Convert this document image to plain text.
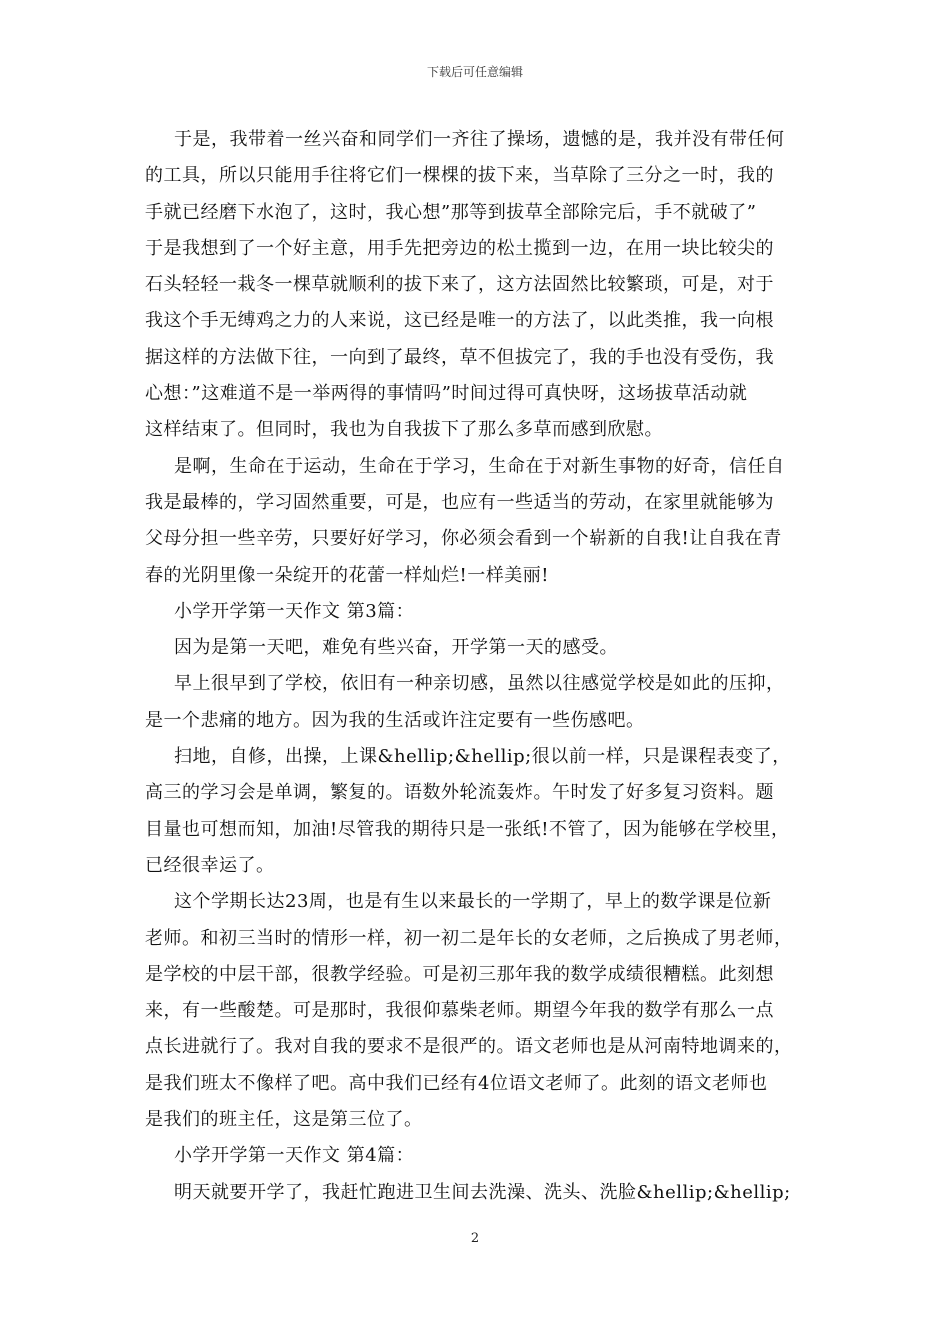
下载后可任意编辑
于是，我带着一丝兴奋和同学们一齐往了操场，遗憾的是，我并没有带任何
的工具，所以只能用手往将它们一棵棵的拔下来，当草除了三分之一时，我的
手就已经磨下水泡了，这时，我心想”那等到拔草全部除完后，手不就破了”
于是我想到了一个好主意，用手先把旁边的松土揽到一边，在用一块比较尖的
石头轻轻一栽冬一棵草就顺利的拔下来了，这方法固然比较繁琐，可是，对于
我这个手无缚鸡之力的人来说，这已经是唯一的方法了，以此类推，我一向根
据这样的方法做下往，一向到了最终，草不但拔完了，我的手也没有受伤，我
心想：”这难道不是一举两得的事情吗”时间过得可真快呀，这场拔草活动就
这样结束了。但同时，我也为自我拔下了那么多草而感到欣慰。
是啊，生命在于运动，生命在于学习，生命在于对新生事物的好奇，信任自
我是最棒的，学习固然重要，可是，也应有一些适当的劳动，在家里就能够为
父母分担一些辛劳，只要好好学习，你必须会看到一个崭新的自我!让自我在青
春的光阴里像一朵绽开的花蕾一样灿烂!一样美丽!
小学开学第一天作文 第3篇：
因为是第一天吧，难免有些兴奋，开学第一天的感受。
早上很早到了学校，依旧有一种亲切感，虽然以往感觉学校是如此的压抑，
是一个悲痛的地方。因为我的生活或许注定要有一些伤感吧。
扫地，自修，出操，上课&hellip;&hellip;很以前一样，只是课程表变了，
高三的学习会是单调，繁复的。语数外轮流轰炸。午时发了好多复习资料。题
目量也可想而知，加油!尽管我的期待只是一张纸!不管了，因为能够在学校里，
已经很幸运了。
这个学期长达23周，也是有生以来最长的一学期了，早上的数学课是位新
老师。和初三当时的情形一样，初一初二是年长的女老师，之后换成了男老师，
是学校的中层干部，很教学经验。可是初三那年我的数学成绩很糟糕。此刻想
来，有一些酸楚。可是那时，我很仰慕柴老师。期望今年我的数学有那么一点
点长进就行了。我对自我的要求不是很严的。语文老师也是从河南特地调来的，
是我们班太不像样了吧。高中我们已经有4位语文老师了。此刻的语文老师也
是我们的班主任，这是第三位了。
小学开学第一天作文 第4篇：
明天就要开学了，我赶忙跑进卫生间去洗澡、洗头、洗脸&hellip;&hellip;
2
